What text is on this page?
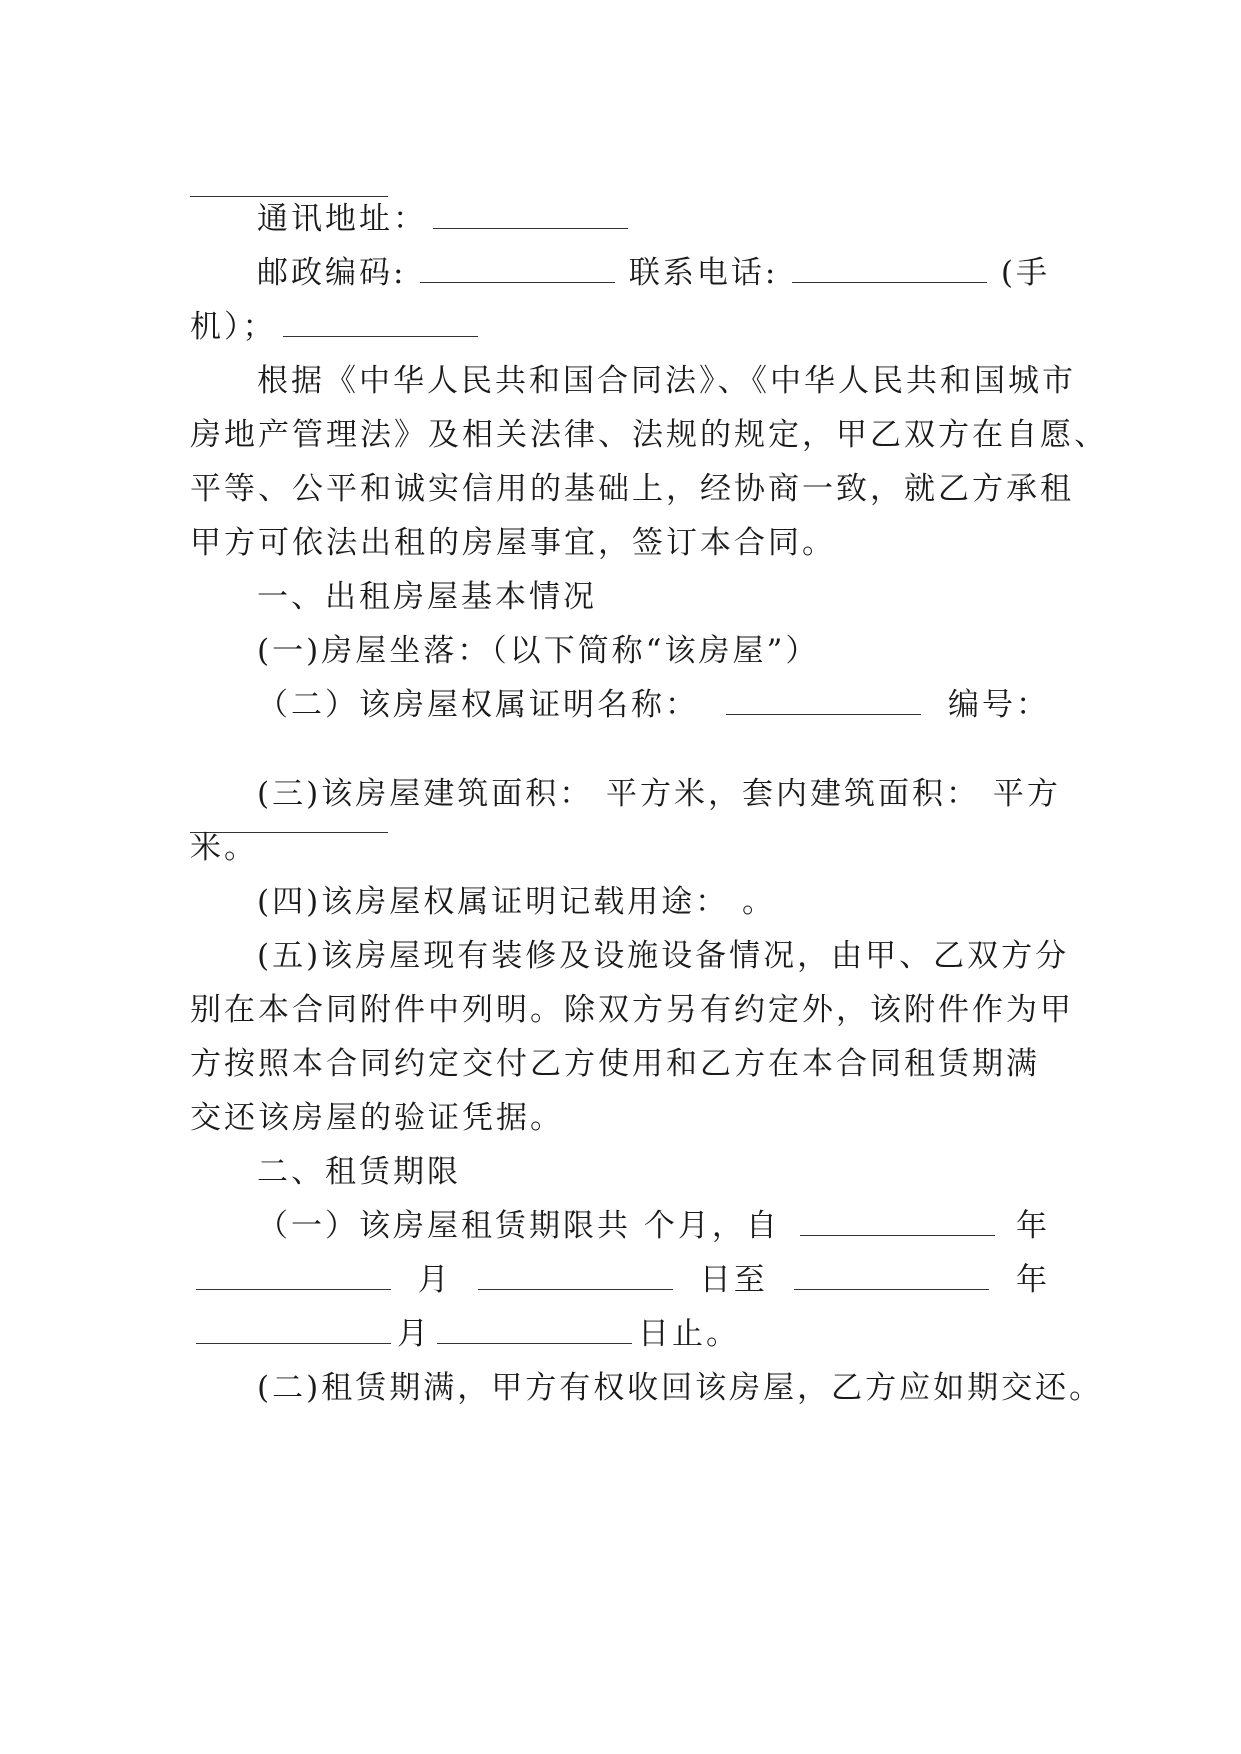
通讯地址：
邮政编码:	联系电话:	(手
机）；
根据《中华人民共和国合同法》、《中华人民共和国城市
房地产管理法》及相关法律、法规的规定，甲乙双方在自愿、
平等、公平和诚实信用的基础上，经协商一致，就乙方承租
甲方可依法出租的房屋事宜，签订本合同。
一、出租房屋基本情况
(一)房屋坐落：（以下简称“该房屋”）
（二）该房屋权属证明名称：	编号：
(三)该房屋建筑面积： 平方米，套内建筑面积： 平方
米。
(四)该房屋权属证明记载用途： 。
(五)该房屋现有装修及设施设备情况，由甲、乙双方分
别在本合同附件中列明。除双方另有约定外，该附件作为甲
方按照本合同约定交付乙方使用和乙方在本合同租赁期满
交还该房屋的验证凭据。
二、租赁期限
（一）该房屋租赁期限共 个月，自	年
月	日至	年
月	日止。
(二)租赁期满，甲方有权收回该房屋，乙方应如期交还。
